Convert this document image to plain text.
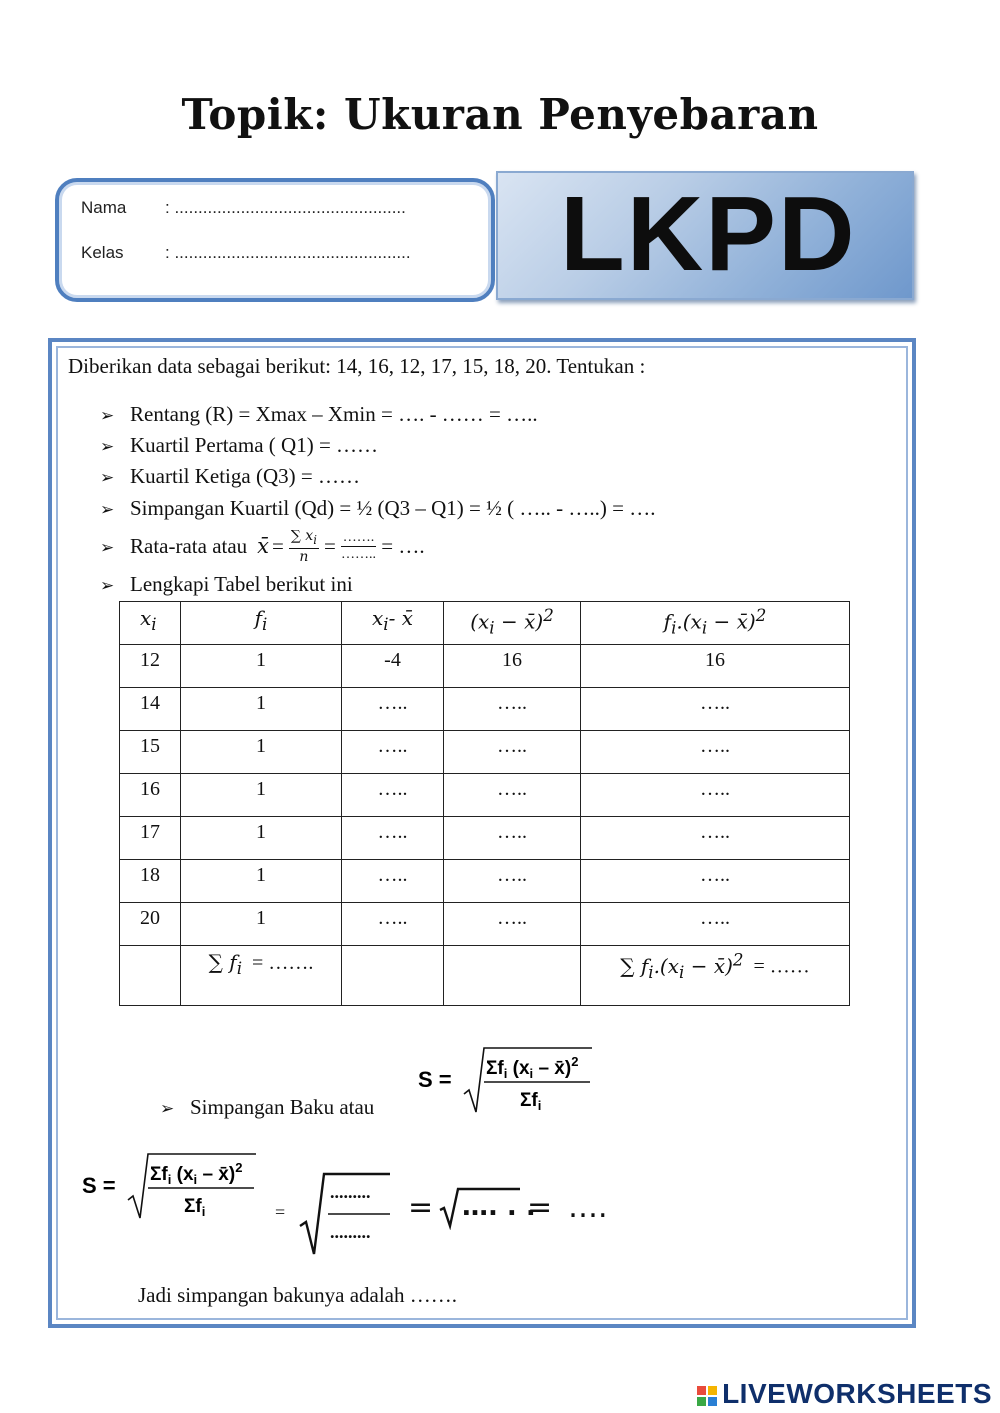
Topik: Ukuran Penyebaran
Nama : .................................................
Kelas : .................................................. LKPD
Diberikan data sebagai berikut: 14, 16, 12, 17, 15, 18, 20. Tentukan :
➢ Rentang (R) = Xmax – Xmin = …. - …… = …..
➢ Kuartil Pertama ( Q1) = ……
➢ Kuartil Ketiga (Q3) = ……
➢ Simpangan Kuartil (Qd) = ½ (Q3 – Q1) = ½ ( ….. - …..) = ….
➢
Rata-rata atau x̄ = $\frac{\sum x_i}{n} = \frac{\dots\dots.}{\dots\dots..}$ = ….
➢ Lengkapi Tabel berikut ini
$x_i$	$f_i$	$x_i-$ x̄	($x_i$ − x̄)$^2$	$f_i.(x_i$ − x̄)$^2$
12	1	-4	16	16
14	1	…..	…..	…..
15	1	…..	…..	…..
16	1	…..	…..	…..
17	1	…..	…..	…..
18	1	…..	…..	…..
20	1	…..	…..	…..
	∑ $f_i$ = …….			∑ $f_i.(x_i$ − x̄)$^2$ = ……
➢ Simpangan Baku atau
$S = \Sigma f_i$ ($x_i$ – x̄)$^2$
$\Sigma f_i$
$S = \Sigma f_i$ ($x_i$ – x̄)$^2$
$\Sigma f_i$	=
.........
.........
= …. . .
= ….
Jadi simpangan bakunya adalah …….
LIVEWORKSHEETS
